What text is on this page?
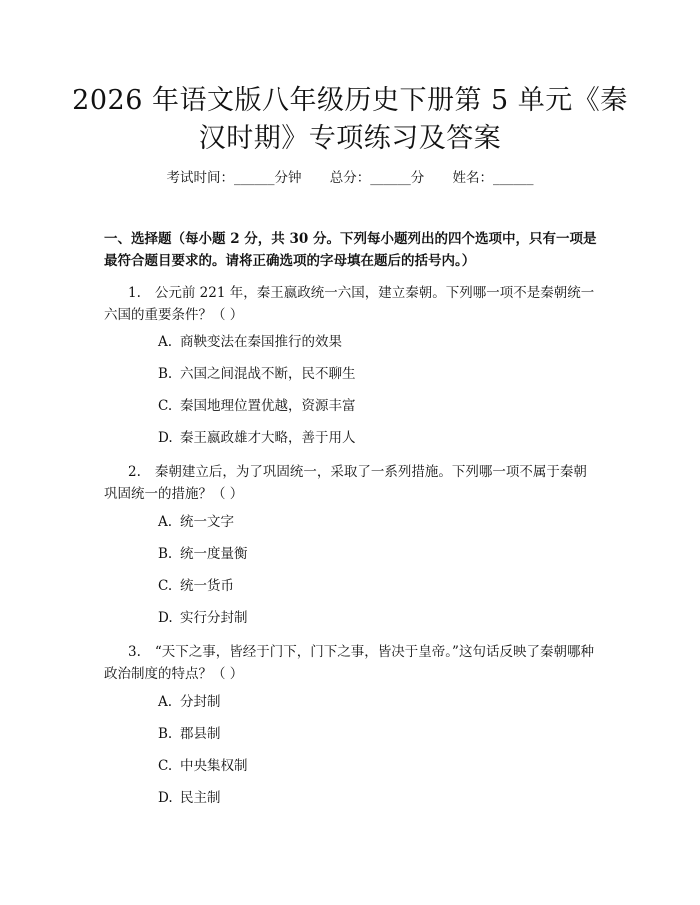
2026 年语文版八年级历史下册第 5 单元《秦
汉时期》专项练习及答案
考试时间：______分钟 总分：______分 姓名：______
一、选择题（每小题 2 分，共 30 分。下列每小题列出的四个选项中，只有一项是最符合题目要求的。请将正确选项的字母填在题后的括号内。）
1. 公元前 221 年，秦王嬴政统一六国，建立秦朝。下列哪一项不是秦朝统一六国的重要条件？（ ）
A. 商鞅变法在秦国推行的效果
B. 六国之间混战不断，民不聊生
C. 秦国地理位置优越，资源丰富
D. 秦王嬴政雄才大略，善于用人
2. 秦朝建立后，为了巩固统一，采取了一系列措施。下列哪一项不属于秦朝巩固统一的措施？（ ）
A. 统一文字
B. 统一度量衡
C. 统一货币
D. 实行分封制
3. “天下之事，皆经于门下，门下之事，皆决于皇帝。”这句话反映了秦朝哪种政治制度的特点？（ ）
A. 分封制
B. 郡县制
C. 中央集权制
D. 民主制
